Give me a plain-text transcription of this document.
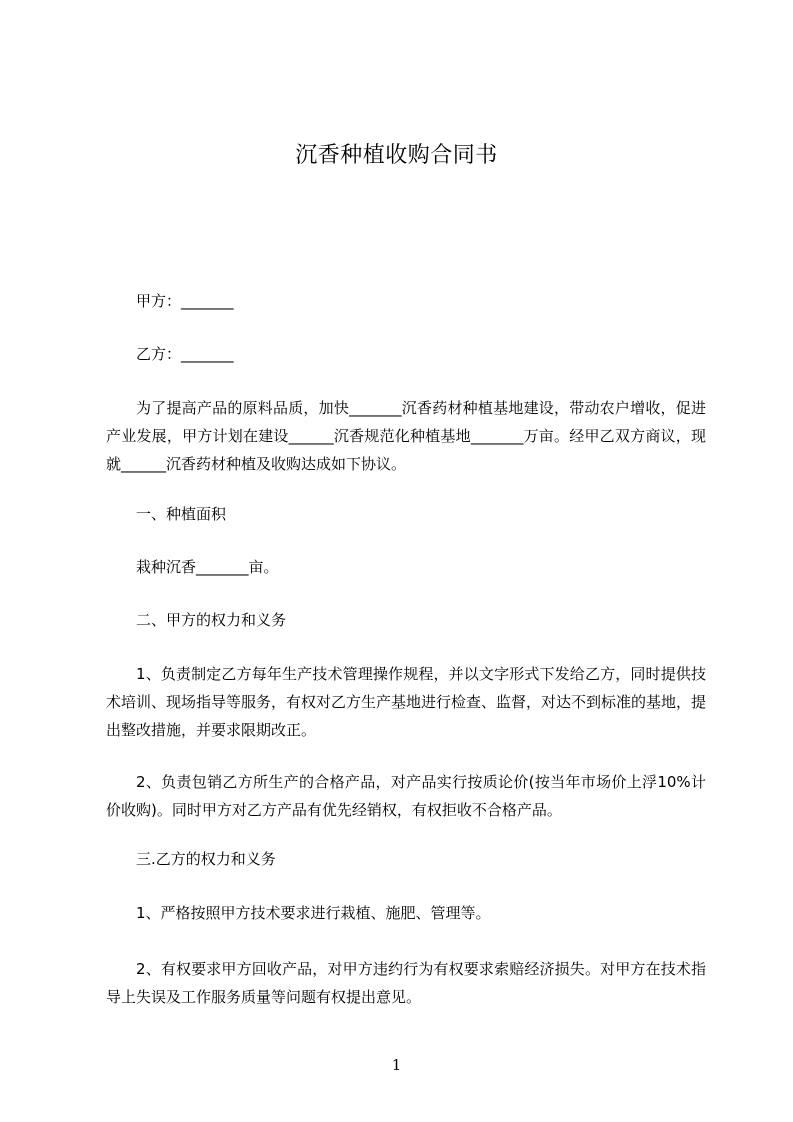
沉香种植收购合同书
甲方：_______
乙方：_______
为了提高产品的原料品质，加快_______沉香药材种植基地建设，带动农户增收，促进产业发展，甲方计划在建设______沉香规范化种植基地_______万亩。经甲乙双方商议，现就______沉香药材种植及收购达成如下协议。
一、种植面积
栽种沉香_______亩。
二、甲方的权力和义务
1、负责制定乙方每年生产技术管理操作规程，并以文字形式下发给乙方，同时提供技术培训、现场指导等服务，有权对乙方生产基地进行检查、监督，对达不到标准的基地，提出整改措施，并要求限期改正。
2、负责包销乙方所生产的合格产品，对产品实行按质论价(按当年市场价上浮10%计价收购)。同时甲方对乙方产品有优先经销权，有权拒收不合格产品。
三.乙方的权力和义务
1、严格按照甲方技术要求进行栽植、施肥、管理等。
2、有权要求甲方回收产品，对甲方违约行为有权要求索赔经济损失。对甲方在技术指导上失误及工作服务质量等问题有权提出意见。
1
